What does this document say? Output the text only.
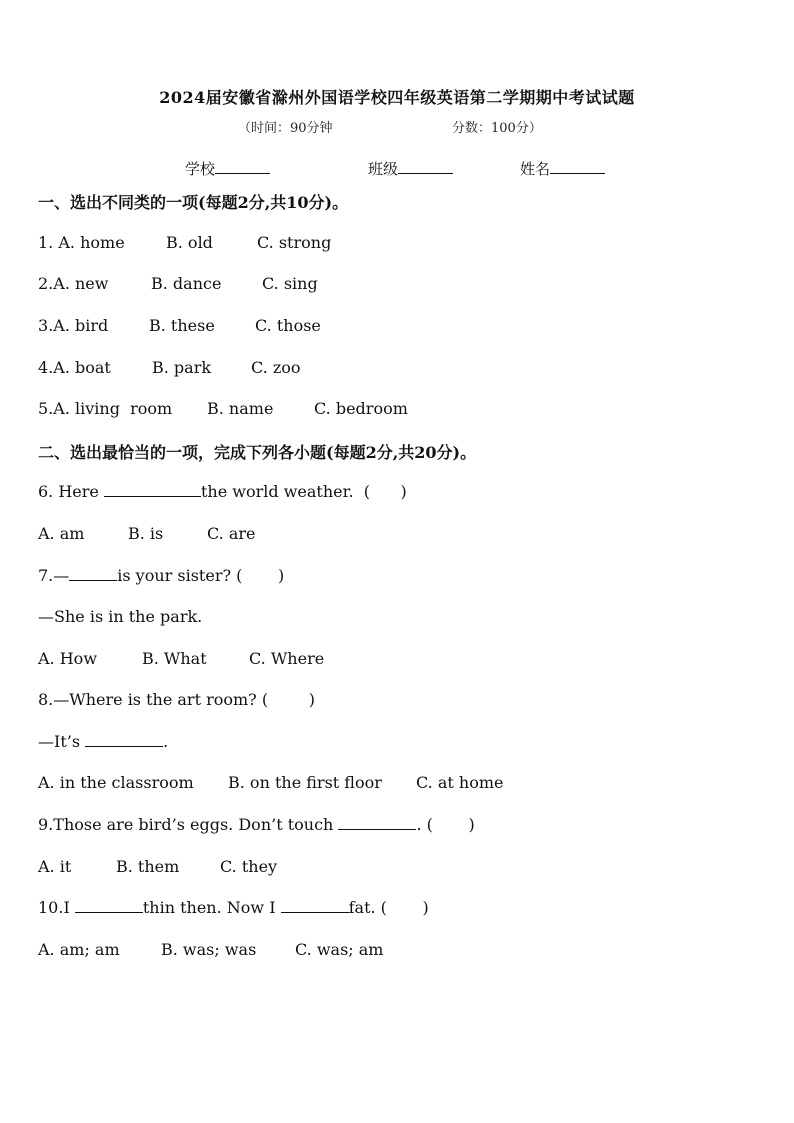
2024届安徽省滁州外国语学校四年级英语第二学期期中考试试题
（时间：90分钟	分数：100分）
学校	班级	姓名
一、选出不同类的一项(每题2分,共10分)。
1. A. home	B. old	C. strong
2.A. new	B. dance	C. sing
3.A. bird	B. these	C. those
4.A. boat	B. park C. zoo
5.A. living  room B. name	C. bedroom
二、选出最恰当的一项，完成下列各小题(每题2分,共20分)。
6. Here	the world weather.  (      )
A. am	B. is	C. are
7.—	is your sister? (       )
—She is in the park.
A. How	B. What	C. Where
8.—Where is the art room? (        )
—It’s	.
A. in the classroom B. on the first floor C. at home
9.Those are bird’s eggs. Don’t touch	. (       )
A. it	B. them	C. they
10.I	thin then. Now I	fat. (       )
A. am; am	B. was; was C. was; am
